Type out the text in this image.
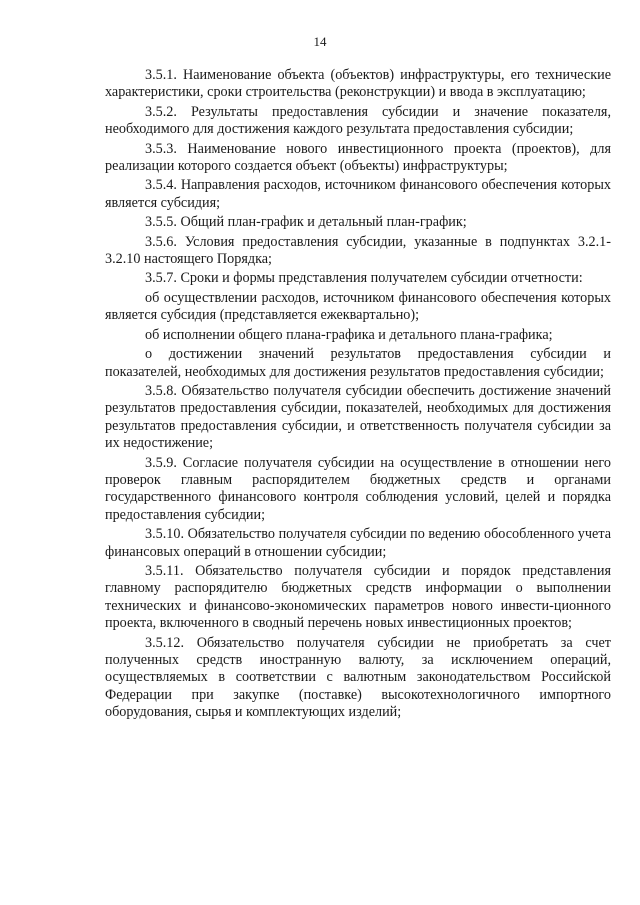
14

3.5.1. Наименование объекта (объектов) инфраструктуры, его технические характеристики, сроки строительства (реконструкции) и ввода в эксплуатацию;

3.5.2. Результаты предоставления субсидии и значение показателя, необходимого для достижения каждого результата предоставления субсидии;

3.5.3. Наименование нового инвестиционного проекта (проектов), для реализации которого создается объект (объекты) инфраструктуры;

3.5.4. Направления расходов, источником финансового обеспечения которых является субсидия;

3.5.5. Общий план-график и детальный план-график;

3.5.6. Условия предоставления субсидии, указанные в подпунктах 3.2.1-3.2.10 настоящего Порядка;

3.5.7. Сроки и формы представления получателем субсидии отчетности:

об осуществлении расходов, источником финансового обеспечения которых является субсидия (представляется ежеквартально);

об исполнении общего плана-графика и детального плана-графика;

о достижении значений результатов предоставления субсидии и показателей, необходимых для достижения результатов предоставления субсидии;

3.5.8. Обязательство получателя субсидии обеспечить достижение значений результатов предоставления субсидии, показателей, необходимых для достижения результатов предоставления субсидии, и ответственность получателя субсидии за их недостижение;

3.5.9. Согласие получателя субсидии на осуществление в отношении него проверок главным распорядителем бюджетных средств и органами государственного финансового контроля соблюдения условий, целей и порядка предоставления субсидии;

3.5.10. Обязательство получателя субсидии по ведению обособленного учета финансовых операций в отношении субсидии;

3.5.11. Обязательство получателя субсидии и порядок представления главному распорядителю бюджетных средств информации о выполнении технических и финансово-экономических параметров нового инвести-ционного проекта, включенного в сводный перечень новых инвестиционных проектов;

3.5.12. Обязательство получателя субсидии не приобретать за счет полученных средств иностранную валюту, за исключением операций, осуществляемых в соответствии с валютным законодательством Российской Федерации при закупке (поставке) высокотехнологичного импортного оборудования, сырья и комплектующих изделий;
